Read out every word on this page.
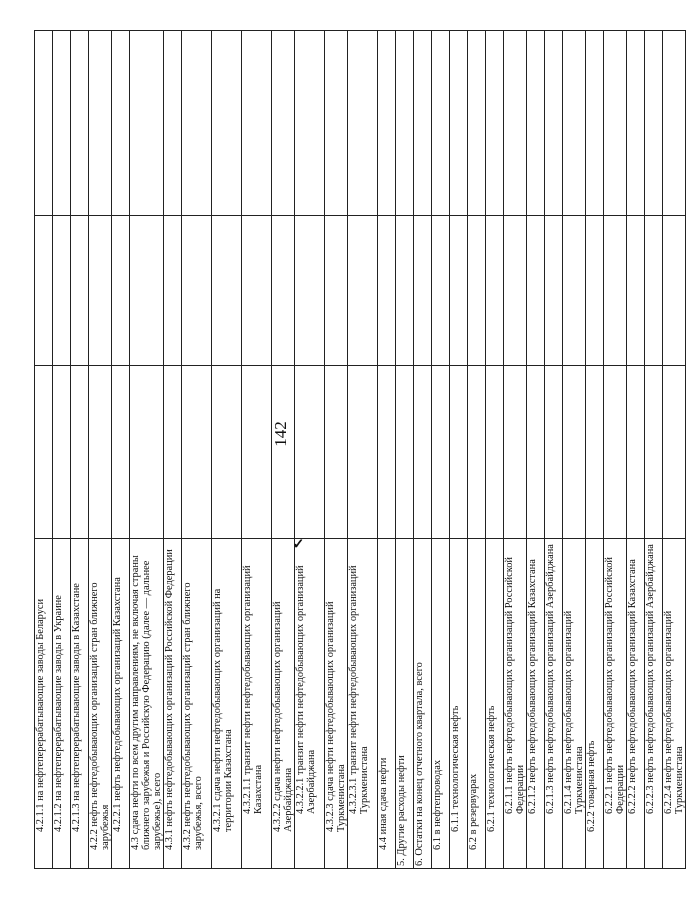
142
4.2.1.1 на нефтеперерабатывающие заводы Беларуси			
4.2.1.2 на нефтеперерабатывающие заводы в Украине			
4.2.1.3 на нефтеперерабатывающие заводы в Казахстане			
4.2.2 нефть нефтедобывающих организаций стран ближнего зарубежья			
4.2.2.1 нефть нефтедобывающих организаций Казахстана			
4.3 сдача нефти по всем другим направлениям, не включая страны ближнего зарубежья и Российскую Федерацию (далее — дальнее зарубежье), всего			
4.3.1 нефть нефтедобывающих организаций Российской Федерации			
4.3.2 нефть нефтедобывающих организаций стран ближнего зарубежья, всего			
4.3.2.1 сдача нефти нефтедобывающих организаций на территории Казахстана			
4.3.2.1.1 транзит нефти нефтедобывающих организаций Казахстана			
4.3.2.2 сдача нефти нефтедобывающих организаций Азербайджана			
4.3.2.2.1 транзит нефти нефтедобывающих организаций Азербайджана			
4.3.2.3 сдача нефти нефтедобывающих организаций Туркменистана			
4.3.2.3.1 транзит нефти нефтедобывающих организаций Туркменистана			
4.4 иная сдача нефти			
5. Другие расходы нефти			
6. Остатки на конец отчетного квартала, всего			
6.1 в нефтепроводах			
6.1.1 технологическая нефть			
6.2 в резервуарах			
6.2.1 технологическая нефть			
6.2.1.1 нефть нефтедобывающих организаций Российской Федерации			
6.2.1.2 нефть нефтедобывающих организаций Казахстана			
6.2.1.3 нефть нефтедобывающих организаций Азербайджана			
6.2.1.4 нефть нефтедобывающих организаций Туркменистана			
6.2.2 товарная нефть			
6.2.2.1 нефть нефтедобывающих организаций Российской Федерации			
6.2.2.2 нефть нефтедобывающих организаций Казахстана			
6.2.2.3 нефть нефтедобывающих организаций Азербайджана			
6.2.2.4 нефть нефтедобывающих организаций Туркменистана			
✓
